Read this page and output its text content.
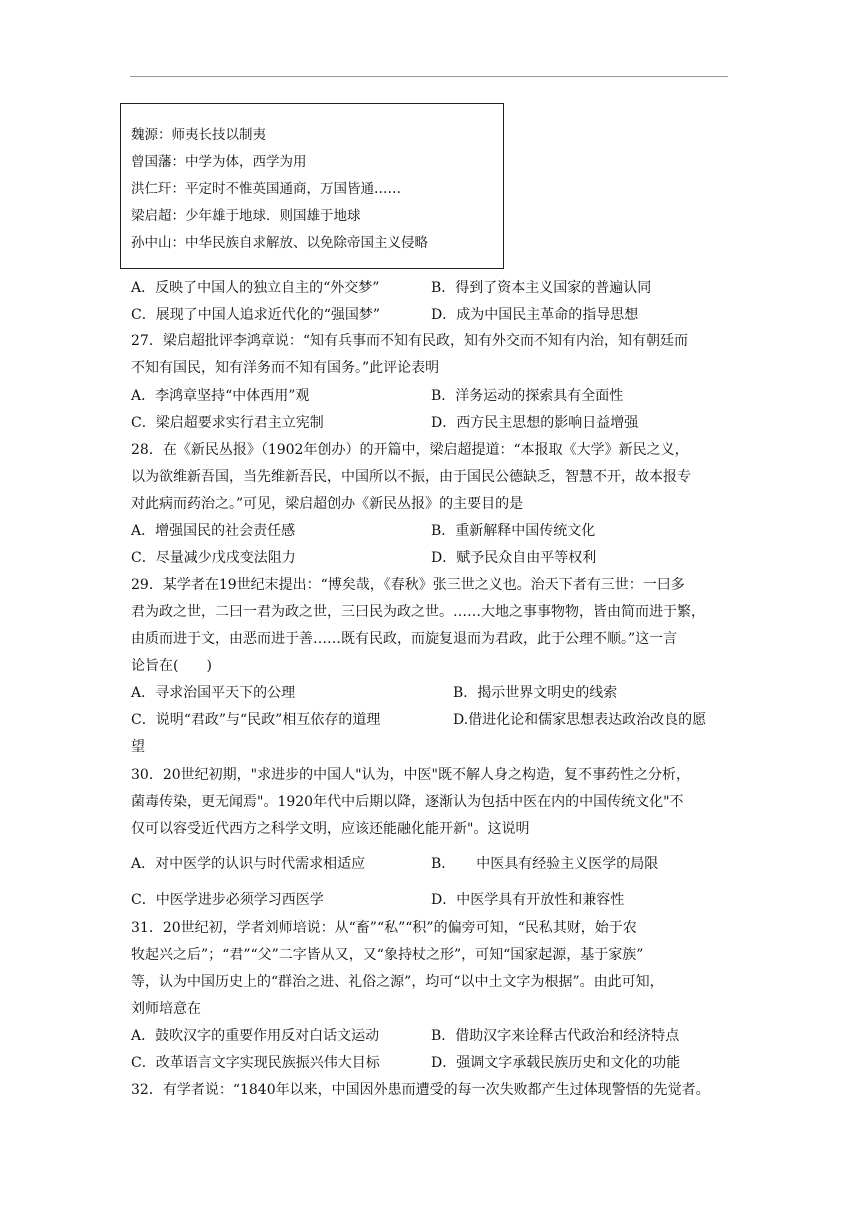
魏源：师夷长技以制夷
曾国藩：中学为体，西学为用
洪仁玕：平定时不惟英国通商，万国皆通……
梁启超：少年雄于地球．则国雄于地球
孙中山：中华民族自求解放、以免除帝国主义侵略
A．反映了中国人的独立自主的“外交梦”	B．得到了资本主义国家的普遍认同
C．展现了中国人追求近代化的“强国梦”	D．成为中国民主革命的指导思想
27．梁启超批评李鸿章说：“知有兵事而不知有民政，知有外交而不知有内治，知有朝廷而
不知有国民，知有洋务而不知有国务。”此评论表明
A．李鸿章坚持“中体西用”观	B．洋务运动的探索具有全面性
C．梁启超要求实行君主立宪制	D．西方民主思想的影响日益增强
28．在《新民丛报》（1902年创办）的开篇中，梁启超提道：“本报取《大学》新民之义，
以为欲维新吾国，当先维新吾民，中国所以不振，由于国民公德缺乏，智慧不开，故本报专
对此病而药治之。”可见，梁启超创办《新民丛报》的主要目的是
A．增强国民的社会责任感	B．重新解释中国传统文化
C．尽量减少戊戌变法阻力	D．赋予民众自由平等权利
29．某学者在19世纪末提出：“博矣哉，《春秋》张三世之义也。治天下者有三世：一曰多
君为政之世，二曰一君为政之世，三曰民为政之世。……大地之事事物物，皆由简而进于繁，
由质而进于文，由恶而进于善……既有民政，而旋复退而为君政，此于公理不顺。”这一言
论旨在(　　)
A．寻求治国平天下的公理	B．揭示世界文明史的线索
C．说明“君政”与“民政”相互依存的道理	D.借进化论和儒家思想表达政治改良的愿
望
30．20世纪初期，"求进步的中国人"认为，中医"既不解人身之构造，复不事药性之分析，
菌毒传染，更无闻焉"。1920年代中后期以降，逐渐认为包括中医在内的中国传统文化"不
仅可以容受近代西方之科学文明，应该还能融化能开新"。这说明
A．对中医学的认识与时代需求相适应	B．　　中医具有经验主义医学的局限
C．中医学进步必须学习西医学	D．中医学具有开放性和兼容性
31．20世纪初，学者刘师培说：从“畜”“私”“积”的偏旁可知，“民私其财，始于农
牧起兴之后”；“君”“父”二字皆从又，又“象持杖之形”，可知“国家起源，基于家族”
等，认为中国历史上的“群治之进、礼俗之源”，均可“以中土文字为根据”。由此可知，
刘师培意在
A．鼓吹汉字的重要作用反对白话文运动	B．借助汉字来诠释古代政治和经济特点
C．改革语言文字实现民族振兴伟大目标	D．强调文字承载民族历史和文化的功能
32．有学者说：“1840年以来，中国因外患而遭受的每一次失败都产生过体现警悟的先觉者。
